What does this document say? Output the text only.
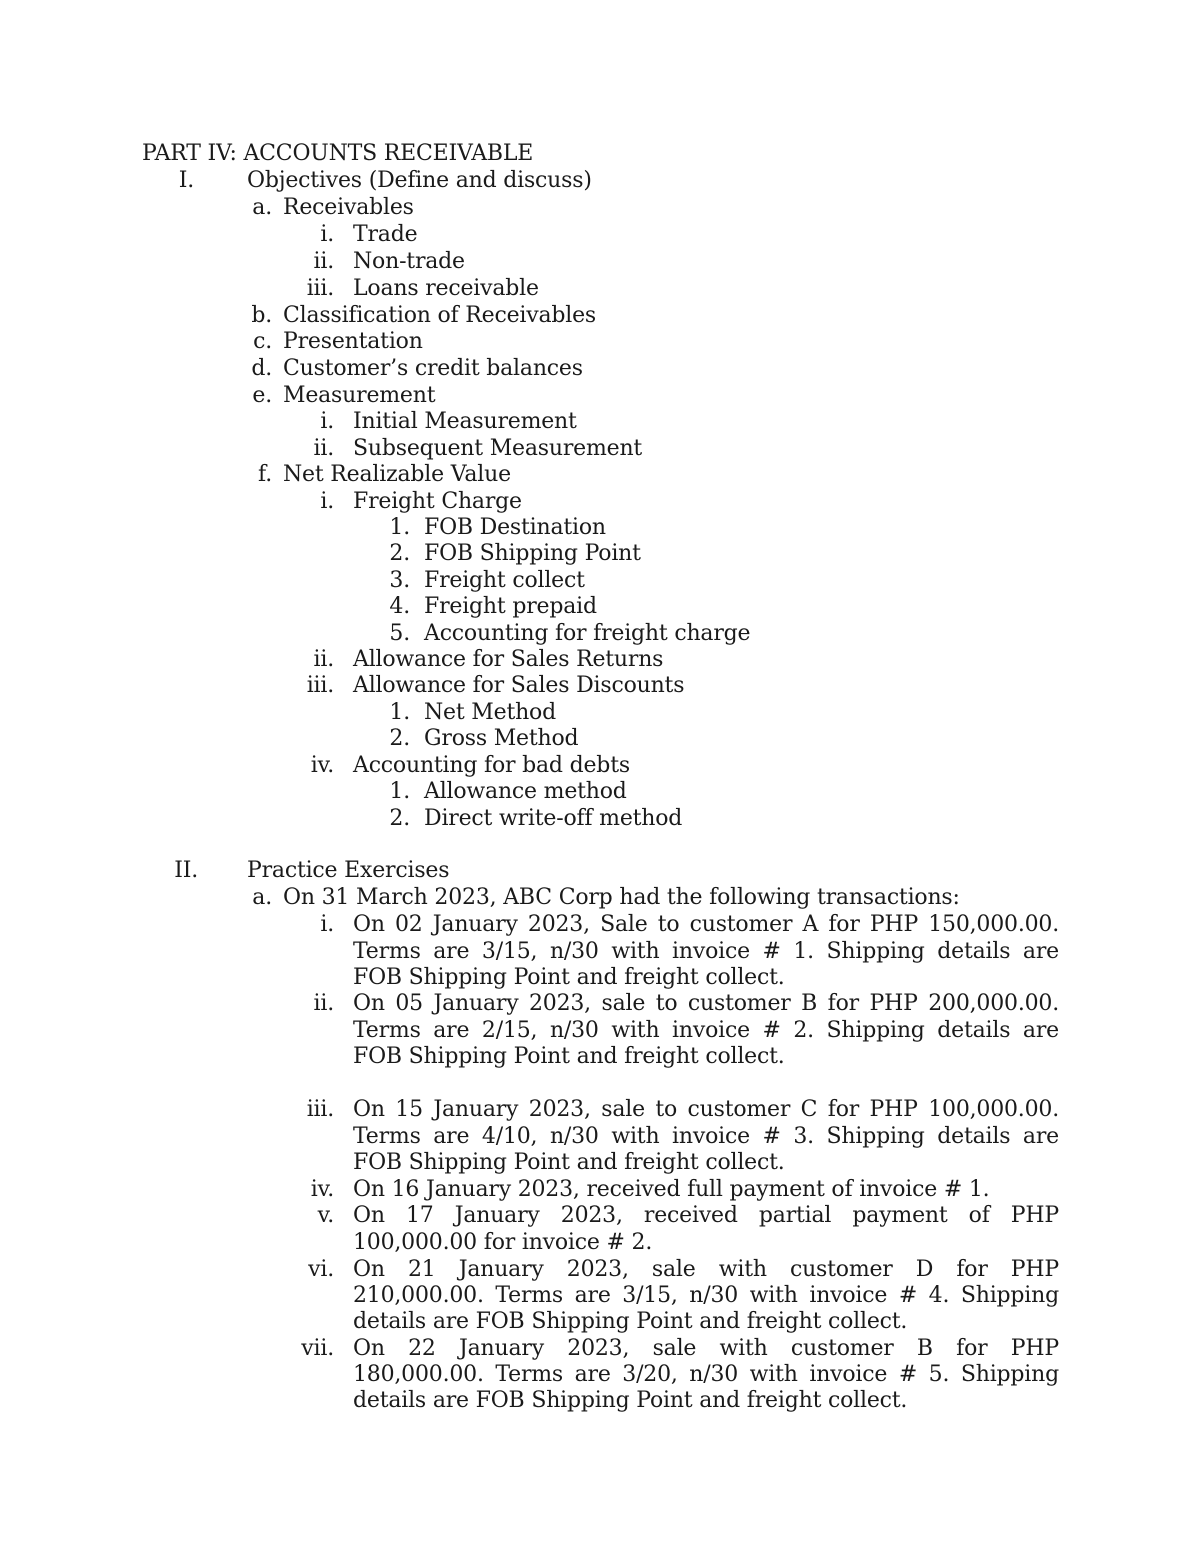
PART IV: ACCOUNTS RECEIVABLE
I. Objectives (Define and discuss)
a. Receivables
i. Trade
ii. Non-trade
iii. Loans receivable
b. Classification of Receivables
c. Presentation
d. Customer’s credit balances
e. Measurement
i. Initial Measurement
ii. Subsequent Measurement
f. Net Realizable Value
i. Freight Charge
1. FOB Destination
2. FOB Shipping Point
3. Freight collect
4. Freight prepaid
5. Accounting for freight charge
ii. Allowance for Sales Returns
iii. Allowance for Sales Discounts
1. Net Method
2. Gross Method
iv. Accounting for bad debts
1. Allowance method
2. Direct write-off method
II. Practice Exercises
a. On 31 March 2023, ABC Corp had the following transactions:
i. On 02 January 2023, Sale to customer A for PHP 150,000.00.
Terms are 3/15, n/30 with invoice # 1. Shipping details are
FOB Shipping Point and freight collect.
ii. On 05 January 2023, sale to customer B for PHP 200,000.00.
Terms are 2/15, n/30 with invoice # 2. Shipping details are
FOB Shipping Point and freight collect.
iii. On 15 January 2023, sale to customer C for PHP 100,000.00.
Terms are 4/10, n/30 with invoice # 3. Shipping details are
FOB Shipping Point and freight collect.
iv. On 16 January 2023, received full payment of invoice # 1.
v. On 17 January 2023, received partial payment of PHP
100,000.00 for invoice # 2.
vi. On 21 January 2023, sale with customer D for PHP
210,000.00. Terms are 3/15, n/30 with invoice # 4. Shipping
details are FOB Shipping Point and freight collect.
vii. On 22 January 2023, sale with customer B for PHP
180,000.00. Terms are 3/20, n/30 with invoice # 5. Shipping
details are FOB Shipping Point and freight collect.
